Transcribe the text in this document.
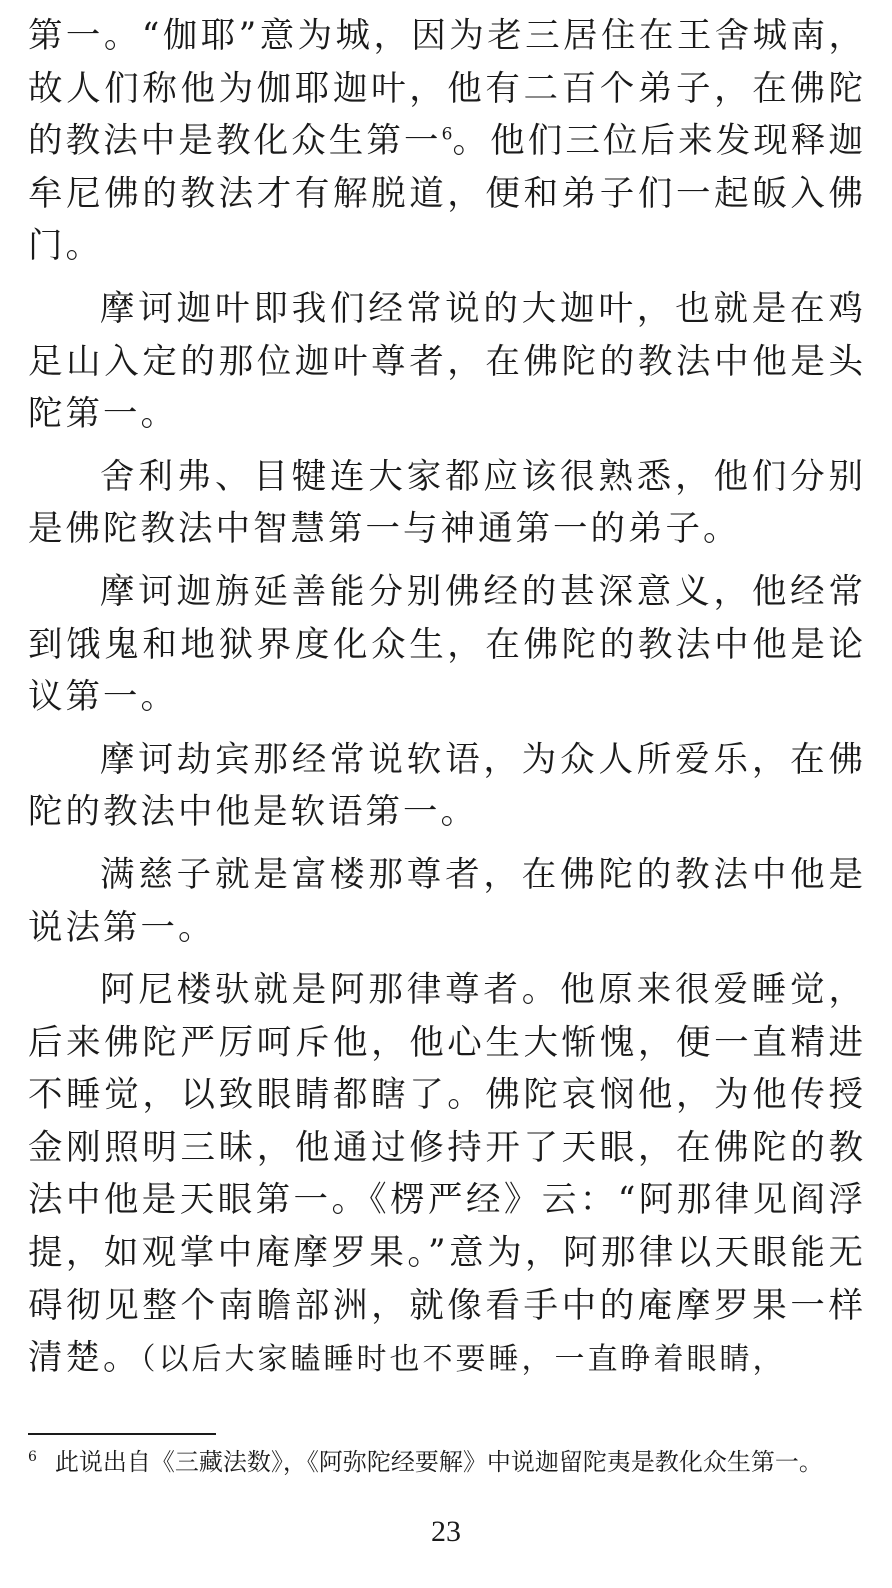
第一。“伽耶”意为城，因为老三居住在王舍城南，故人们称他为伽耶迦叶，他有二百个弟子，在佛陀的教法中是教化众生第一$^6$。他们三位后来发现释迦牟尼佛的教法才有解脱道，便和弟子们一起皈入佛门。

摩诃迦叶即我们经常说的大迦叶，也就是在鸡足山入定的那位迦叶尊者，在佛陀的教法中他是头陀第一。

舍利弗、目犍连大家都应该很熟悉，他们分别是佛陀教法中智慧第一与神通第一的弟子。

摩诃迦旃延善能分别佛经的甚深意义，他经常到饿鬼和地狱界度化众生，在佛陀的教法中他是论议第一。

摩诃劫宾那经常说软语，为众人所爱乐，在佛陀的教法中他是软语第一。

满慈子就是富楼那尊者，在佛陀的教法中他是说法第一。

阿尼楼驮就是阿那律尊者。他原来很爱睡觉，后来佛陀严厉呵斥他，他心生大惭愧，便一直精进不睡觉，以致眼睛都瞎了。佛陀哀悯他，为他传授金刚照明三昧，他通过修持开了天眼，在佛陀的教法中他是天眼第一。《楞严经》云：“阿那律见阎浮提，如观掌中庵摩罗果。”意为，阿那律以天眼能无碍彻见整个南瞻部洲，就像看手中的庵摩罗果一样清楚。（以后大家瞌睡时也不要睡，一直睁着眼睛，

$^6$ 此说出自《三藏法数》，《阿弥陀经要解》中说迦留陀夷是教化众生第一。
23
